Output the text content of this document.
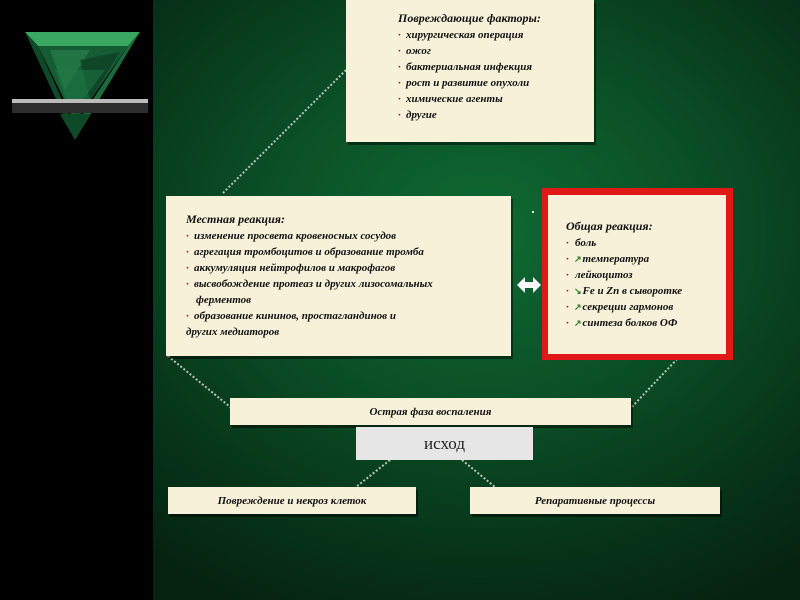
Повреждающие факторы:
· хирургическая операция
· ожог
· бактериальная инфекция
· рост и развитие опухоли
· химические агенты
· другие
Местная реакция:
· изменение просвета кровеносных сосудов
· агрегация тромбоцитов и образование тромба
· аккумуляция нейтрофилов и макрофагов
· высвобождение протеаз и других лизосомальных
ферментов
· образование кининов, простагландинов и
других медиаторов
Общая реакция:
· боль
· ↗температура
· лейкоцитоз
· ↘Fe и Zn в сыворотке
· ↗секреции гармонов
· ↗синтеза болков ОФ
Острая фаза воспаления
исход
Повреждение и некроз клеток	Репаративные процессы
